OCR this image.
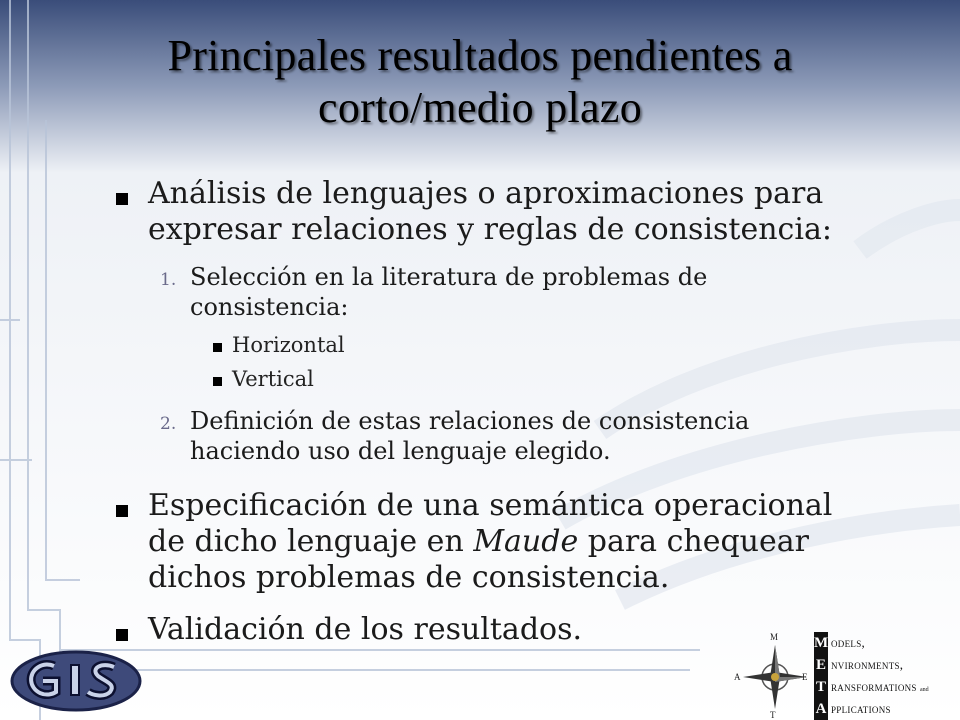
Principales resultados pendientes a
corto/medio plazo
Análisis de lenguajes o aproximaciones para expresar relaciones y reglas de consistencia:
1. Selección en la literatura de problemas de consistencia:
Horizontal
Vertical
2. Definición de estas relaciones de consistencia haciendo uso del lenguaje elegido.
Especificación de una semántica operacional de dicho lenguaje en Maude para chequear dichos problemas de consistencia.
Validación de los resultados.	M
A	E
T
M odels,
E nvironments,
T ransformations and
A pplications
